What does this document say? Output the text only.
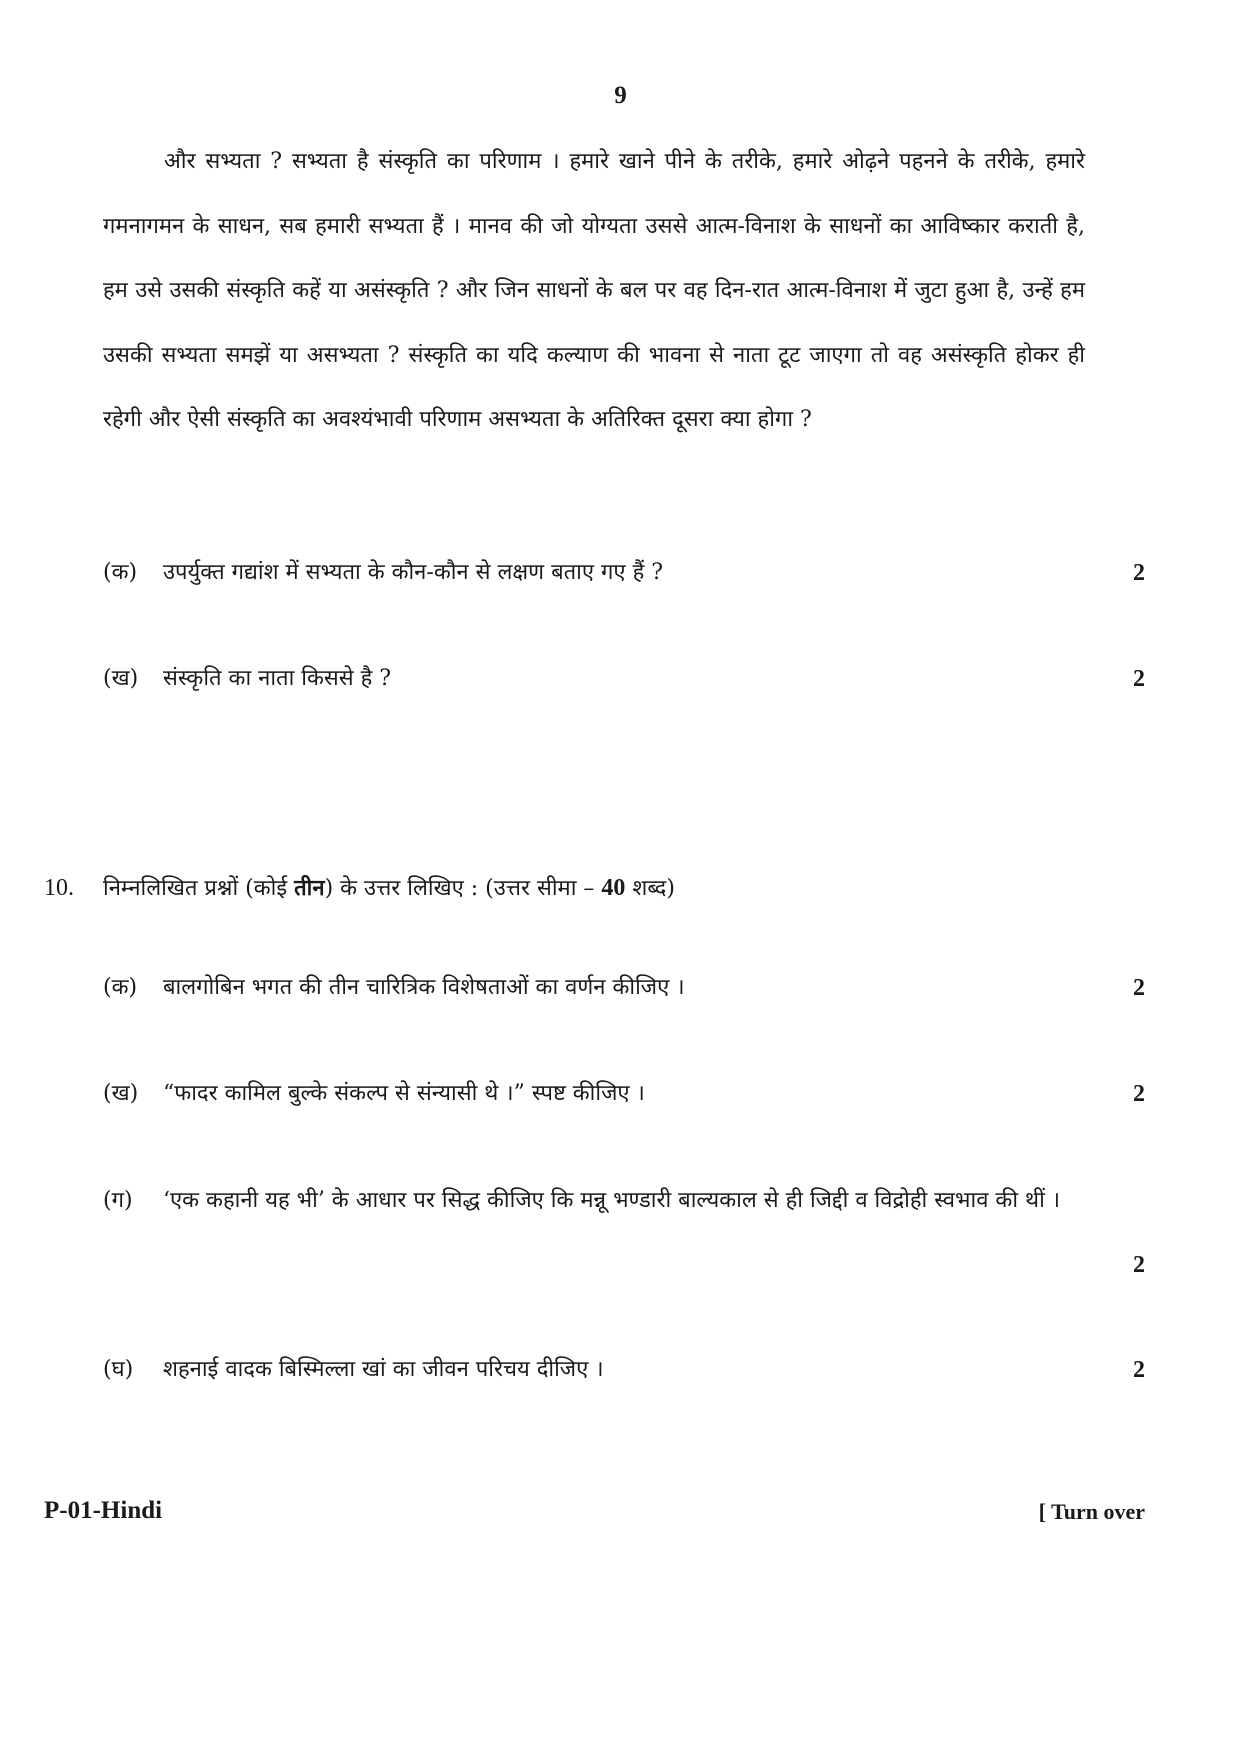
9

और सभ्यता ? सभ्यता है संस्कृति का परिणाम । हमारे खाने पीने के तरीके, हमारे ओढ़ने पहनने के तरीके, हमारे गमनागमन के साधन, सब हमारी सभ्यता हैं । मानव की जो योग्यता उससे आत्म-विनाश के साधनों का आविष्कार कराती है, हम उसे उसकी संस्कृति कहें या असंस्कृति ? और जिन साधनों के बल पर वह दिन-रात आत्म-विनाश में जुटा हुआ है, उन्हें हम उसकी सभ्यता समझें या असभ्यता ? संस्कृति का यदि कल्याण की भावना से नाता टूट जाएगा तो वह असंस्कृति होकर ही रहेगी और ऐसी संस्कृति का अवश्यंभावी परिणाम असभ्यता के अतिरिक्त दूसरा क्या होगा ?

(क) उपर्युक्त गद्यांश में सभ्यता के कौन-कौन से लक्षण बताए गए हैं ?	2
(ख) संस्कृति का नाता किससे है ?	2
10. निम्नलिखित प्रश्नों (कोई तीन) के उत्तर लिखिए : (उत्तर सीमा – 40 शब्द)
(क) बालगोबिन भगत की तीन चारित्रिक विशेषताओं का वर्णन कीजिए ।	2
(ख) “फादर कामिल बुल्के संकल्प से संन्यासी थे ।” स्पष्ट कीजिए ।	2
(ग) ‘एक कहानी यह भी’ के आधार पर सिद्ध कीजिए कि मन्नू भण्डारी बाल्यकाल से ही जिद्दी व विद्रोही स्वभाव की थीं ।
2
(घ) शहनाई वादक बिस्मिल्ला खां का जीवन परिचय दीजिए ।	2
P-01-Hindi	[ Turn over
